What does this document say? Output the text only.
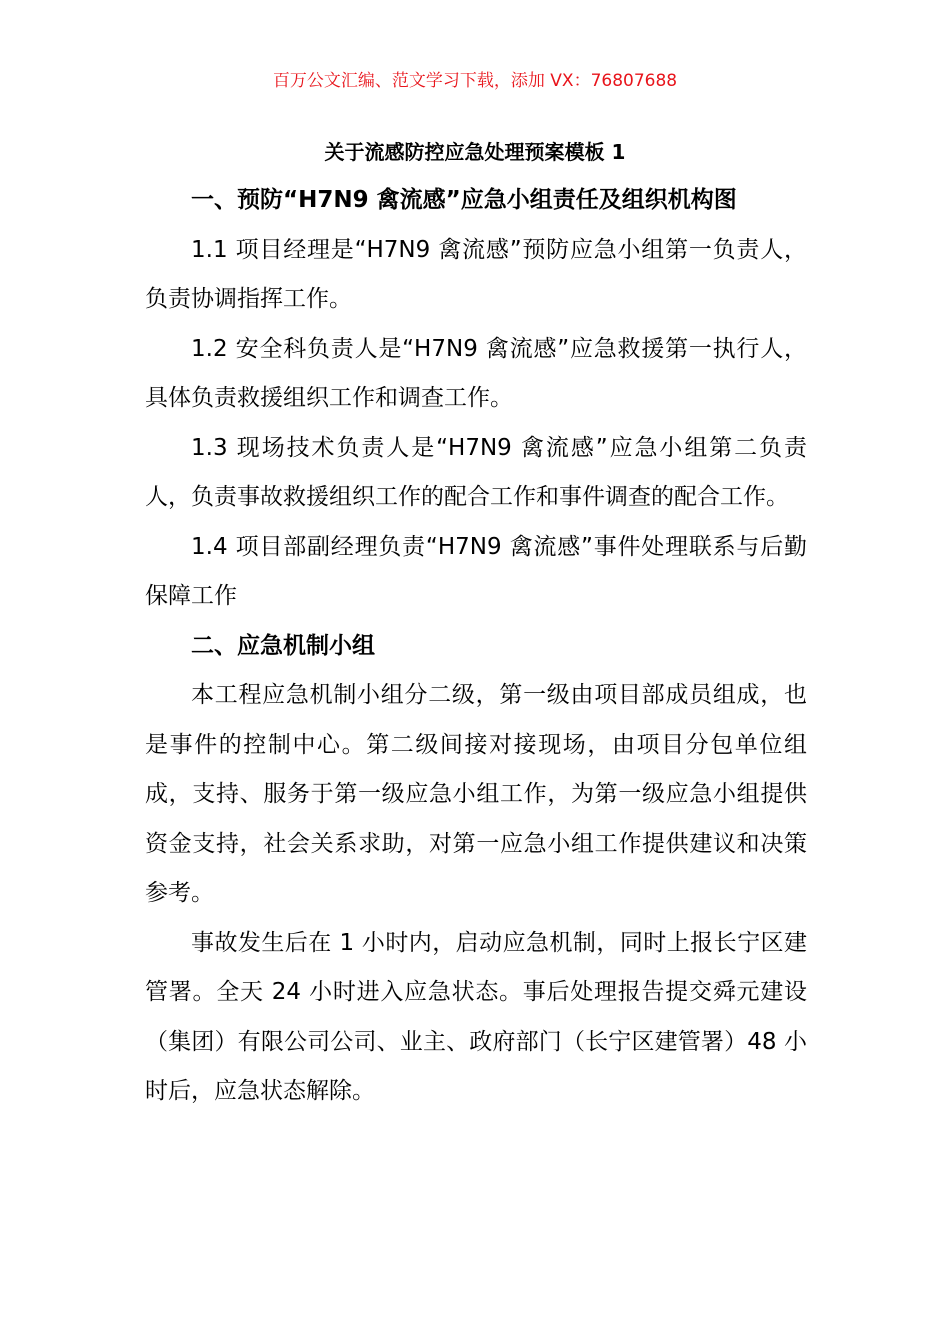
百万公文汇编、范文学习下载，添加 VX：76807688
关于流感防控应急处理预案模板 1

一、预防“H7N9 禽流感”应急小组责任及组织机构图

1.1 项目经理是“H7N9 禽流感”预防应急小组第一负责人，负责协调指挥工作。

1.2 安全科负责人是“H7N9 禽流感”应急救援第一执行人，具体负责救援组织工作和调查工作。

1.3 现场技术负责人是“H7N9 禽流感”应急小组第二负责人，负责事故救援组织工作的配合工作和事件调查的配合工作。

1.4 项目部副经理负责“H7N9 禽流感”事件处理联系与后勤保障工作

二、应急机制小组

本工程应急机制小组分二级，第一级由项目部成员组成，也是事件的控制中心。第二级间接对接现场，由项目分包单位组成，支持、服务于第一级应急小组工作，为第一级应急小组提供资金支持，社会关系求助，对第一应急小组工作提供建议和决策参考。

事故发生后在 1 小时内，启动应急机制，同时上报长宁区建管署。全天 24 小时进入应急状态。事后处理报告提交舜元建设（集团）有限公司公司、业主、政府部门（长宁区建管署）48 小时后，应急状态解除。
